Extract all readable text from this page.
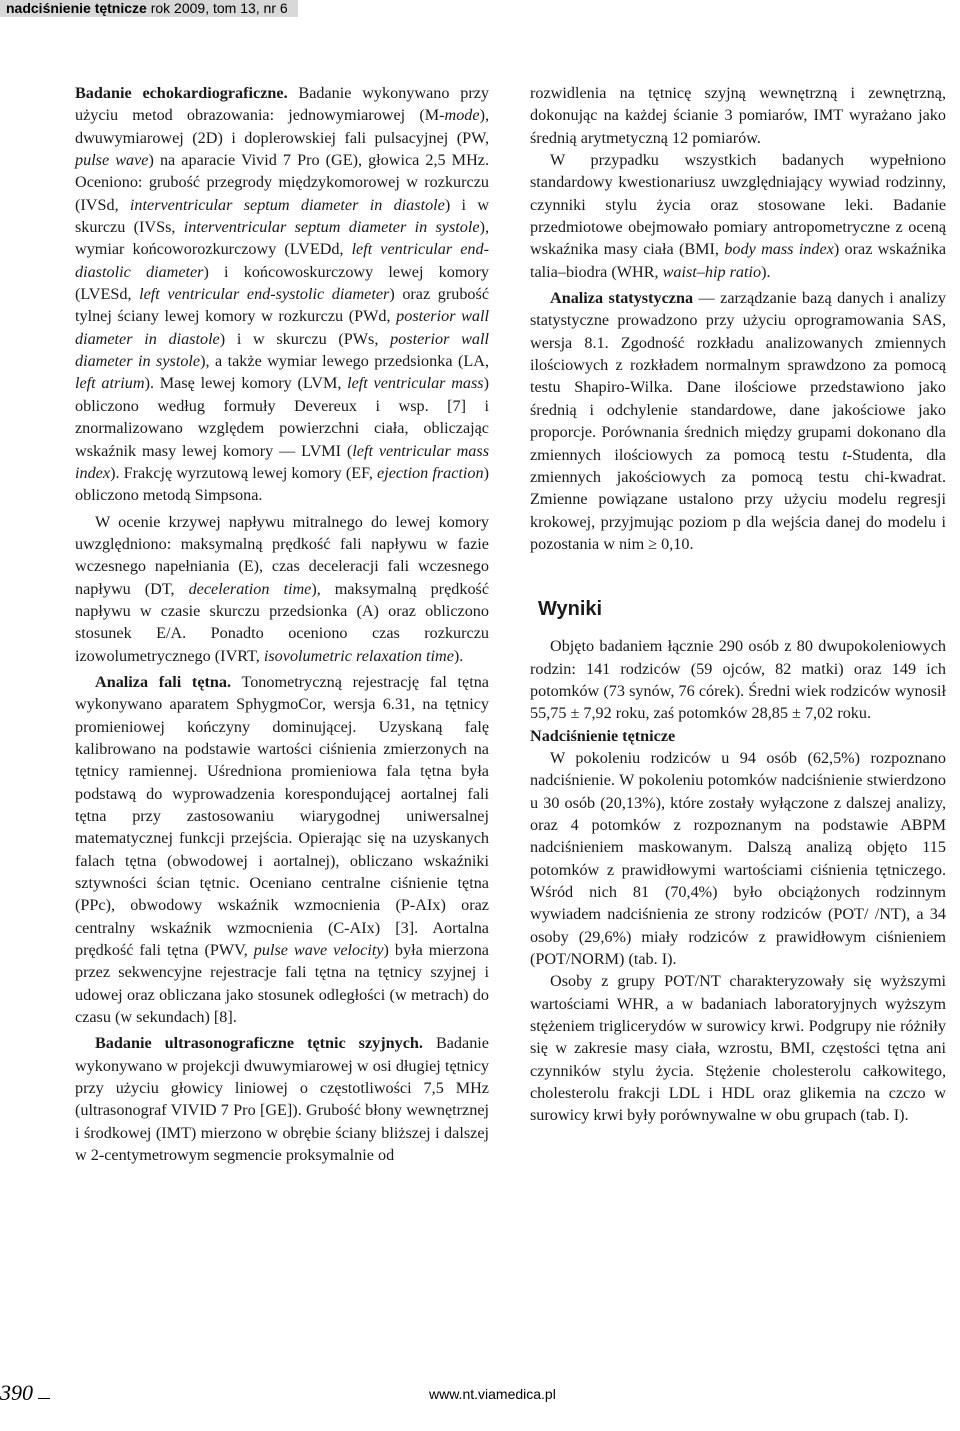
nadciśnienie tętnicze rok 2009, tom 13, nr 6

Badanie echokardiograficzne. Badanie wykonywano przy użyciu metod obrazowania: jednowymiarowej (M-mode), dwuwymiarowej (2D) i doplerowskiej fali pulsacyjnej (PW, pulse wave) na aparacie Vivid 7 Pro (GE), głowica 2,5 MHz. Oceniono: grubość przegrody międzykomorowej w rozkurczu (IVSd, interventricular septum diameter in diastole) i w skurczu (IVSs, interventricular septum diameter in systole), wymiar końcoworozkurczowy (LVEDd, left ventricular end-diastolic diameter) i końcowoskurczowy lewej komory (LVESd, left ventricular end-systolic diameter) oraz grubość tylnej ściany lewej komory w rozkurczu (PWd, posterior wall diameter in diastole) i w skurczu (PWs, posterior wall diameter in systole), a także wymiar lewego przedsionka (LA, left atrium). Masę lewej komory (LVM, left ventricular mass) obliczono według formuły Devereux i wsp. [7] i znormalizowano względem powierzchni ciała, obliczając wskaźnik masy lewej komory — LVMI (left ventricular mass index). Frakcję wyrzutową lewej komory (EF, ejection fraction) obliczono metodą Simpsona.

W ocenie krzywej napływu mitralnego do lewej komory uwzględniono: maksymalną prędkość fali napływu w fazie wczesnego napełniania (E), czas deceleracji fali wczesnego napływu (DT, deceleration time), maksymalną prędkość napływu w czasie skurczu przedsionka (A) oraz obliczono stosunek E/A. Ponadto oceniono czas rozkurczu izowolumetrycznego (IVRT, isovolumetric relaxation time).

Analiza fali tętna. Tonometryczną rejestrację fal tętna wykonywano aparatem SphygmoCor, wersja 6.31, na tętnicy promieniowej kończyny dominującej. Uzyskaną falę kalibrowano na podstawie wartości ciśnienia zmierzonych na tętnicy ramiennej. Uśredniona promieniowa fala tętna była podstawą do wyprowadzenia korespondującej aortalnej fali tętna przy zastosowaniu wiarygodnej uniwersalnej matematycznej funkcji przejścia. Opierając się na uzyskanych falach tętna (obwodowej i aortalnej), obliczano wskaźniki sztywności ścian tętnic. Oceniano centralne ciśnienie tętna (PPc), obwodowy wskaźnik wzmocnienia (P-AIx) oraz centralny wskaźnik wzmocnienia (C-AIx) [3]. Aortalna prędkość fali tętna (PWV, pulse wave velocity) była mierzona przez sekwencyjne rejestracje fali tętna na tętnicy szyjnej i udowej oraz obliczana jako stosunek odległości (w metrach) do czasu (w sekundach) [8].

Badanie ultrasonograficzne tętnic szyjnych. Badanie wykonywano w projekcji dwuwymiarowej w osi długiej tętnicy przy użyciu głowicy liniowej o częstotliwości 7,5 MHz (ultrasonograf VIVID 7 Pro [GE]). Grubość błony wewnętrznej i środkowej (IMT) mierzono w obrębie ściany bliższej i dalszej w 2-centymetrowym segmencie proksymalnie od

rozwidlenia na tętnicę szyjną wewnętrzną i zewnętrzną, dokonując na każdej ścianie 3 pomiarów, IMT wyrażano jako średnią arytmetyczną 12 pomiarów.

W przypadku wszystkich badanych wypełniono standardowy kwestionariusz uwzględniający wywiad rodzinny, czynniki stylu życia oraz stosowane leki. Badanie przedmiotowe obejmowało pomiary antropometryczne z oceną wskaźnika masy ciała (BMI, body mass index) oraz wskaźnika talia–biodra (WHR, waist–hip ratio).

Analiza statystyczna — zarządzanie bazą danych i analizy statystyczne prowadzono przy użyciu oprogramowania SAS, wersja 8.1. Zgodność rozkładu analizowanych zmiennych ilościowych z rozkładem normalnym sprawdzono za pomocą testu Shapiro-Wilka. Dane ilościowe przedstawiono jako średnią i odchylenie standardowe, dane jakościowe jako proporcje. Porównania średnich między grupami dokonano dla zmiennych ilościowych za pomocą testu t-Studenta, dla zmiennych jakościowych za pomocą testu chi-kwadrat. Zmienne powiązane ustalono przy użyciu modelu regresji krokowej, przyjmując poziom p dla wejścia danej do modelu i pozostania w nim ≥ 0,10.

Wyniki

Objęto badaniem łącznie 290 osób z 80 dwupokoleniowych rodzin: 141 rodziców (59 ojców, 82 matki) oraz 149 ich potomków (73 synów, 76 córek). Średni wiek rodziców wynosił 55,75 ± 7,92 roku, zaś potomków 28,85 ± 7,02 roku.

Nadciśnienie tętnicze

W pokoleniu rodziców u 94 osób (62,5%) rozpoznano nadciśnienie. W pokoleniu potomków nadciśnienie stwierdzono u 30 osób (20,13%), które zostały wyłączone z dalszej analizy, oraz 4 potomków z rozpoznanym na podstawie ABPM nadciśnieniem maskowanym. Dalszą analizą objęto 115 potomków z prawidłowymi wartościami ciśnienia tętniczego. Wśród nich 81 (70,4%) było obciążonych rodzinnym wywiadem nadciśnienia ze strony rodziców (POT/ /NT), a 34 osoby (29,6%) miały rodziców z prawidłowym ciśnieniem (POT/NORM) (tab. I).

Osoby z grupy POT/NT charakteryzowały się wyższymi wartościami WHR, a w badaniach laboratoryjnych wyższym stężeniem triglicerydów w surowicy krwi. Podgrupy nie różniły się w zakresie masy ciała, wzrostu, BMI, częstości tętna ani czynników stylu życia. Stężenie cholesterolu całkowitego, cholesterolu frakcji LDL i HDL oraz glikemia na czczo w surowicy krwi były porównywalne w obu grupach (tab. I).

390	www.nt.viamedica.pl
